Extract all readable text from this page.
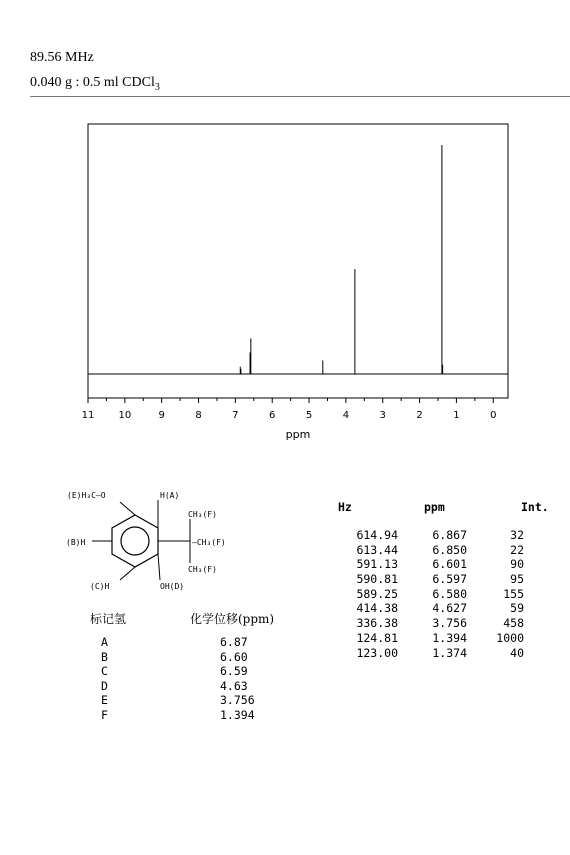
89.56 MHz
0.040 g : 0.5 ml CDCl$_3$
11 10	9	8	7	6	5	4	3	2	1	0
ppm
(E)H₃C–O	H(A)
CH₃(F)
–CH₃(F)
CH₃(F)
(B)H
(C)H	OH(D)
Hz	ppm	Int.
614.94	6.867	32
613.44	6.850	22
591.13	6.601	90
590.81	6.597	95
589.25	6.580	155
414.38	4.627	59
336.38	3.756	458
124.81	1.394	1000
123.00	1.374	40
标记氢	化学位移(ppm)
A	6.87
B	6.60
C	6.59
D	4.63
E	3.756
F	1.394
